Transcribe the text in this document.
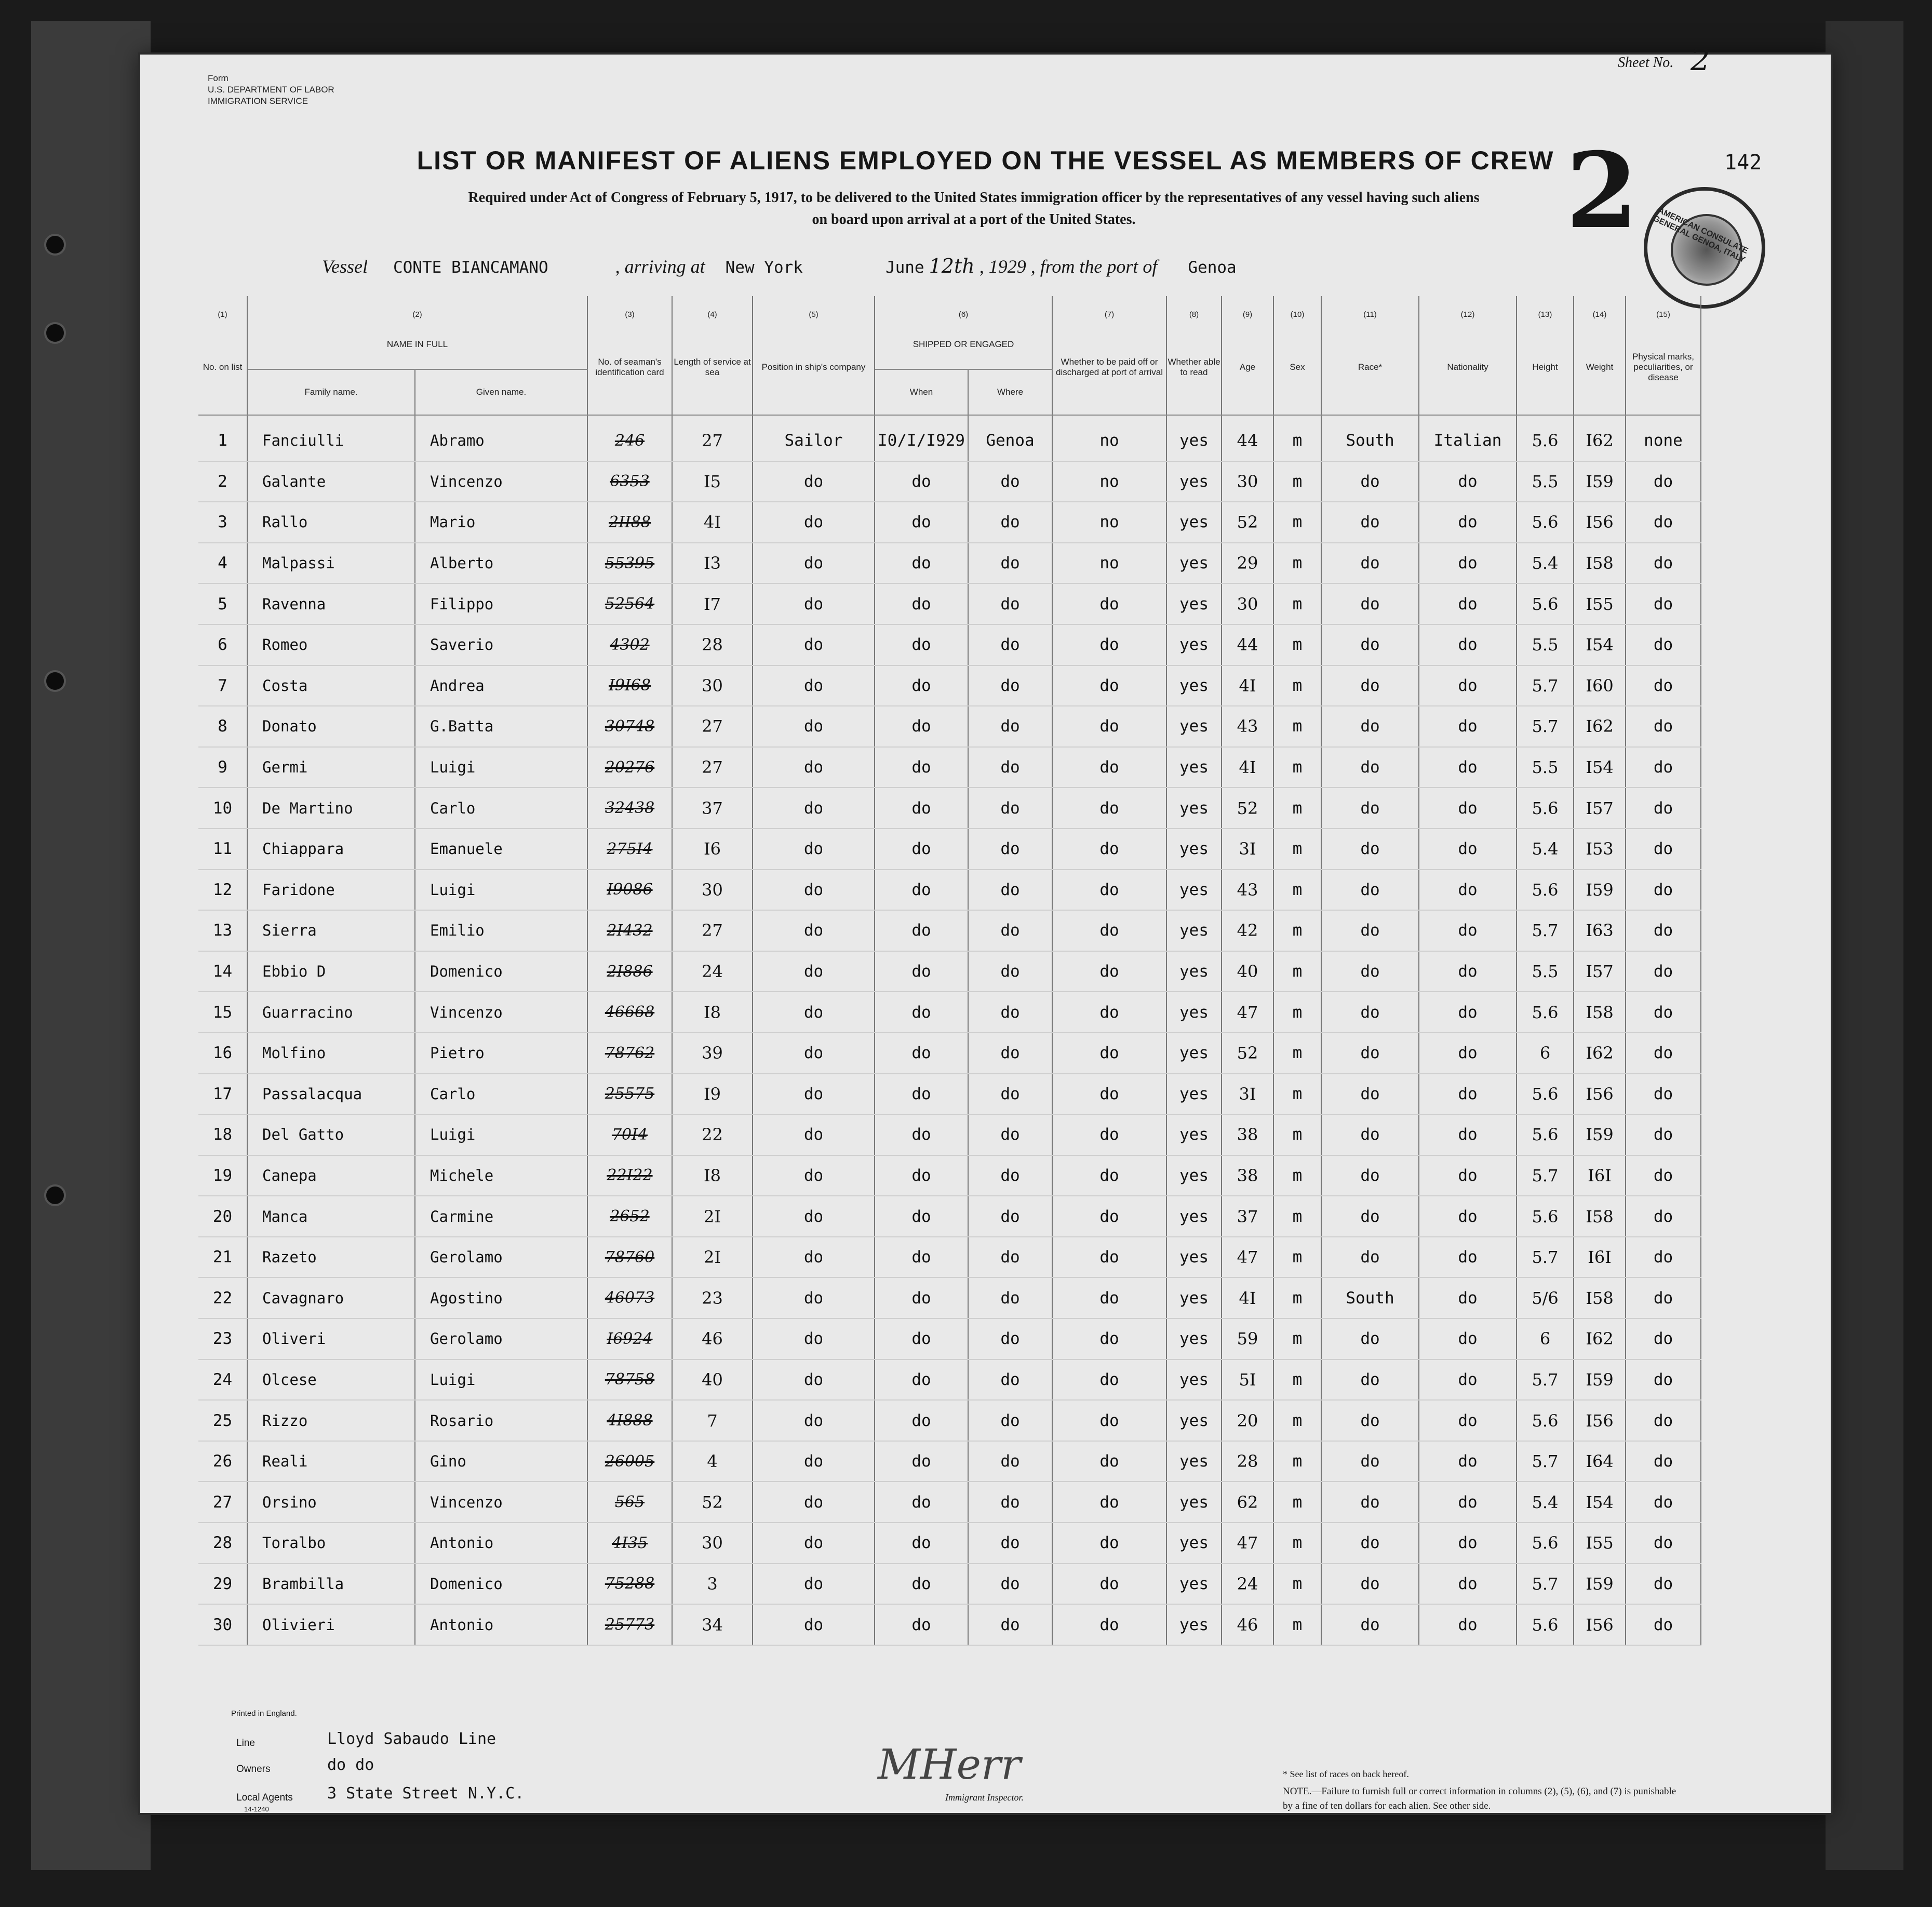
Form
U.S. DEPARTMENT OF LABOR
IMMIGRATION SERVICE
LIST OR MANIFEST OF ALIENS EMPLOYED ON THE VESSEL AS MEMBERS OF CREW
Required under Act of Congress of February 5, 1917, to be delivered to the United States immigration officer by the representatives of any vessel having such aliens
on board upon arrival at a port of the United States.
Sheet No. 2
2	142
AMERICAN CONSULATE GENERAL GENOA, ITALY
Vessel CONTE BIANCAMANO	, arriving at New York	June 12th , 1929 , from the port of Genoa
(1)	(2)		(3)	(4)	(5)	(6)		(7)	(8)	(9)	(10)	(11)	(12)	(13)	(14)	(15)
No. on list	NAME IN FULL		No. of seaman's identification card	Length of service at sea	Position in ship's company	SHIPPED OR ENGAGED		Whether to be paid off or discharged at port of arrival	Whether able to read	Age	Sex	Race*	Nationality	Height	Weight	Physical marks, peculiarities, or disease
	Family name.	Given name.				When	Where									
1	Fanciulli	Abramo	246	27	Sailor	I0/I/I929	Genoa	no	yes	44	m	South	Italian	5.6	I62	none
2	Galante	Vincenzo	6353	I5	do	do	do	no	yes	30	m	do	do	5.5	I59	do
3	Rallo	Mario	2II88	4I	do	do	do	no	yes	52	m	do	do	5.6	I56	do
4	Malpassi	Alberto	55395	I3	do	do	do	no	yes	29	m	do	do	5.4	I58	do
5	Ravenna	Filippo	52564	I7	do	do	do	do	yes	30	m	do	do	5.6	I55	do
6	Romeo	Saverio	4302	28	do	do	do	do	yes	44	m	do	do	5.5	I54	do
7	Costa	Andrea	I9I68	30	do	do	do	do	yes	4I	m	do	do	5.7	I60	do
8	Donato	G.Batta	30748	27	do	do	do	do	yes	43	m	do	do	5.7	I62	do
9	Germi	Luigi	20276	27	do	do	do	do	yes	4I	m	do	do	5.5	I54	do
10	De Martino	Carlo	32438	37	do	do	do	do	yes	52	m	do	do	5.6	I57	do
11	Chiappara	Emanuele	275I4	I6	do	do	do	do	yes	3I	m	do	do	5.4	I53	do
12	Faridone	Luigi	I9086	30	do	do	do	do	yes	43	m	do	do	5.6	I59	do
13	Sierra	Emilio	2I432	27	do	do	do	do	yes	42	m	do	do	5.7	I63	do
14	Ebbio D	Domenico	2I886	24	do	do	do	do	yes	40	m	do	do	5.5	I57	do
15	Guarracino	Vincenzo	46668	I8	do	do	do	do	yes	47	m	do	do	5.6	I58	do
16	Molfino	Pietro	78762	39	do	do	do	do	yes	52	m	do	do	6	I62	do
17	Passalacqua	Carlo	25575	I9	do	do	do	do	yes	3I	m	do	do	5.6	I56	do
18	Del Gatto	Luigi	70I4	22	do	do	do	do	yes	38	m	do	do	5.6	I59	do
19	Canepa	Michele	22I22	I8	do	do	do	do	yes	38	m	do	do	5.7	I6I	do
20	Manca	Carmine	2652	2I	do	do	do	do	yes	37	m	do	do	5.6	I58	do
21	Razeto	Gerolamo	78760	2I	do	do	do	do	yes	47	m	do	do	5.7	I6I	do
22	Cavagnaro	Agostino	46073	23	do	do	do	do	yes	4I	m	South	do	5/6	I58	do
23	Oliveri	Gerolamo	I6924	46	do	do	do	do	yes	59	m	do	do	6	I62	do
24	Olcese	Luigi	78758	40	do	do	do	do	yes	5I	m	do	do	5.7	I59	do
25	Rizzo	Rosario	4I888	7	do	do	do	do	yes	20	m	do	do	5.6	I56	do
26	Reali	Gino	26005	4	do	do	do	do	yes	28	m	do	do	5.7	I64	do
27	Orsino	Vincenzo	565	52	do	do	do	do	yes	62	m	do	do	5.4	I54	do
28	Toralbo	Antonio	4I35	30	do	do	do	do	yes	47	m	do	do	5.6	I55	do
29	Brambilla	Domenico	75288	3	do	do	do	do	yes	24	m	do	do	5.7	I59	do
30	Olivieri	Antonio	25773	34	do	do	do	do	yes	46	m	do	do	5.6	I56	do
Printed in England.
Line	Lloyd Sabaudo Line
Owners	do do
Local Agents 3 State Street N.Y.C.
14-1240
MHerr
Immigrant Inspector.
* See list of races on back hereof.
NOTE.—Failure to furnish full or correct information in columns (2), (5), (6), and (7) is punishable by a fine of ten dollars for each alien. See other side.
